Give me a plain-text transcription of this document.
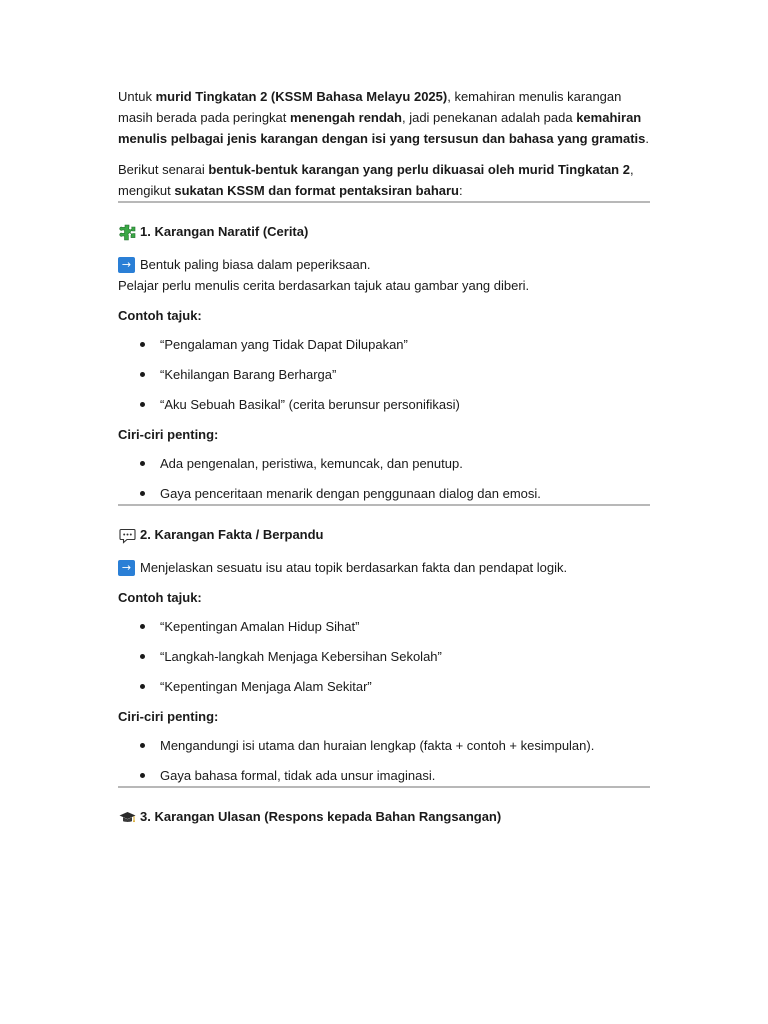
Untuk murid Tingkatan 2 (KSSM Bahasa Melayu 2025), kemahiran menulis karangan masih berada pada peringkat menengah rendah, jadi penekanan adalah pada kemahiran menulis pelbagai jenis karangan dengan isi yang tersusun dan bahasa yang gramatis.

Berikut senarai bentuk-bentuk karangan yang perlu dikuasai oleh murid Tingkatan 2, mengikut sukatan KSSM dan format pentaksiran baharu:

1. Karangan Naratif (Cerita)
→ Bentuk paling biasa dalam peperiksaan.
Pelajar perlu menulis cerita berdasarkan tajuk atau gambar yang diberi.
Contoh tajuk:
“Pengalaman yang Tidak Dapat Dilupakan”
“Kehilangan Barang Berharga”
“Aku Sebuah Basikal” (cerita berunsur personifikasi)
Ciri-ciri penting:
Ada pengenalan, peristiwa, kemuncak, dan penutup.
Gaya penceritaan menarik dengan penggunaan dialog dan emosi.
2. Karangan Fakta / Berpandu
→ Menjelaskan sesuatu isu atau topik berdasarkan fakta dan pendapat logik.
Contoh tajuk:
“Kepentingan Amalan Hidup Sihat”
“Langkah-langkah Menjaga Kebersihan Sekolah”
“Kepentingan Menjaga Alam Sekitar”
Ciri-ciri penting:
Mengandungi isi utama dan huraian lengkap (fakta + contoh + kesimpulan).
Gaya bahasa formal, tidak ada unsur imaginasi.
3. Karangan Ulasan (Respons kepada Bahan Rangsangan)
